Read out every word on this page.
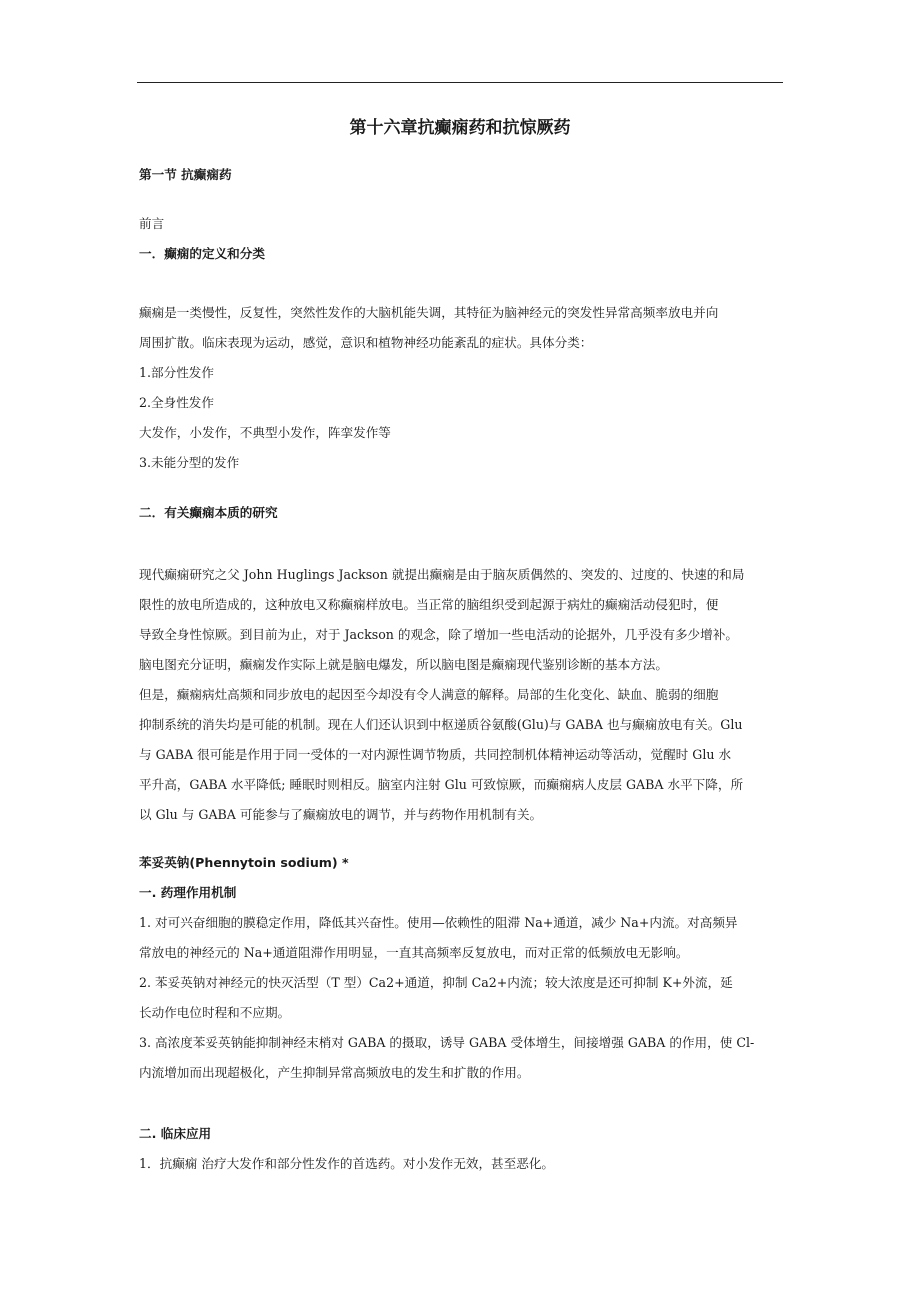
第十六章抗癫痫药和抗惊厥药
第一节 抗癫痫药
前言
一．癫痫的定义和分类
癫痫是一类慢性，反复性，突然性发作的大脑机能失调，其特征为脑神经元的突发性异常高频率放电并向
周围扩散。临床表现为运动，感觉，意识和植物神经功能紊乱的症状。具体分类：
1.部分性发作
2.全身性发作
大发作，小发作，不典型小发作，阵挛发作等
3.未能分型的发作
二．有关癫痫本质的研究
现代癫痫研究之父 John Huglings Jackson 就提出癫痫是由于脑灰质偶然的、突发的、过度的、快速的和局
限性的放电所造成的，这种放电又称癫痫样放电。当正常的脑组织受到起源于病灶的癫痫活动侵犯时，便
导致全身性惊厥。到目前为止，对于 Jackson 的观念，除了增加一些电活动的论据外，几乎没有多少增补。
脑电图充分证明，癫痫发作实际上就是脑电爆发，所以脑电图是癫痫现代鉴别诊断的基本方法。
但是，癫痫病灶高频和同步放电的起因至今却没有令人满意的解释。局部的生化变化、缺血、脆弱的细胞
抑制系统的消失均是可能的机制。现在人们还认识到中枢递质谷氨酸(Glu)与 GABA 也与癫痫放电有关。Glu
与 GABA 很可能是作用于同一受体的一对内源性调节物质，共同控制机体精神运动等活动，觉醒时 Glu 水
平升高，GABA 水平降低; 睡眠时则相反。脑室内注射 Glu 可致惊厥，而癫痫病人皮层 GABA 水平下降，所
以 Glu 与 GABA 可能参与了癫痫放电的调节，并与药物作用机制有关。
苯妥英钠(Phennytoin sodium) *
一. 药理作用机制
1. 对可兴奋细胞的膜稳定作用，降低其兴奋性。使用—依赖性的阻滞 Na+通道，减少 Na+内流。对高频异
常放电的神经元的 Na+通道阻滞作用明显，一直其高频率反复放电，而对正常的低频放电无影响。
2. 苯妥英钠对神经元的快灭活型（T 型）Ca2+通道，抑制 Ca2+内流；较大浓度是还可抑制 K+外流，延
长动作电位时程和不应期。
3. 高浓度苯妥英钠能抑制神经末梢对 GABA 的摄取，诱导 GABA 受体增生，间接增强 GABA 的作用，使 Cl-
内流增加而出现超极化，产生抑制异常高频放电的发生和扩散的作用。
二. 临床应用
1．抗癫痫 治疗大发作和部分性发作的首选药。对小发作无效，甚至恶化。
